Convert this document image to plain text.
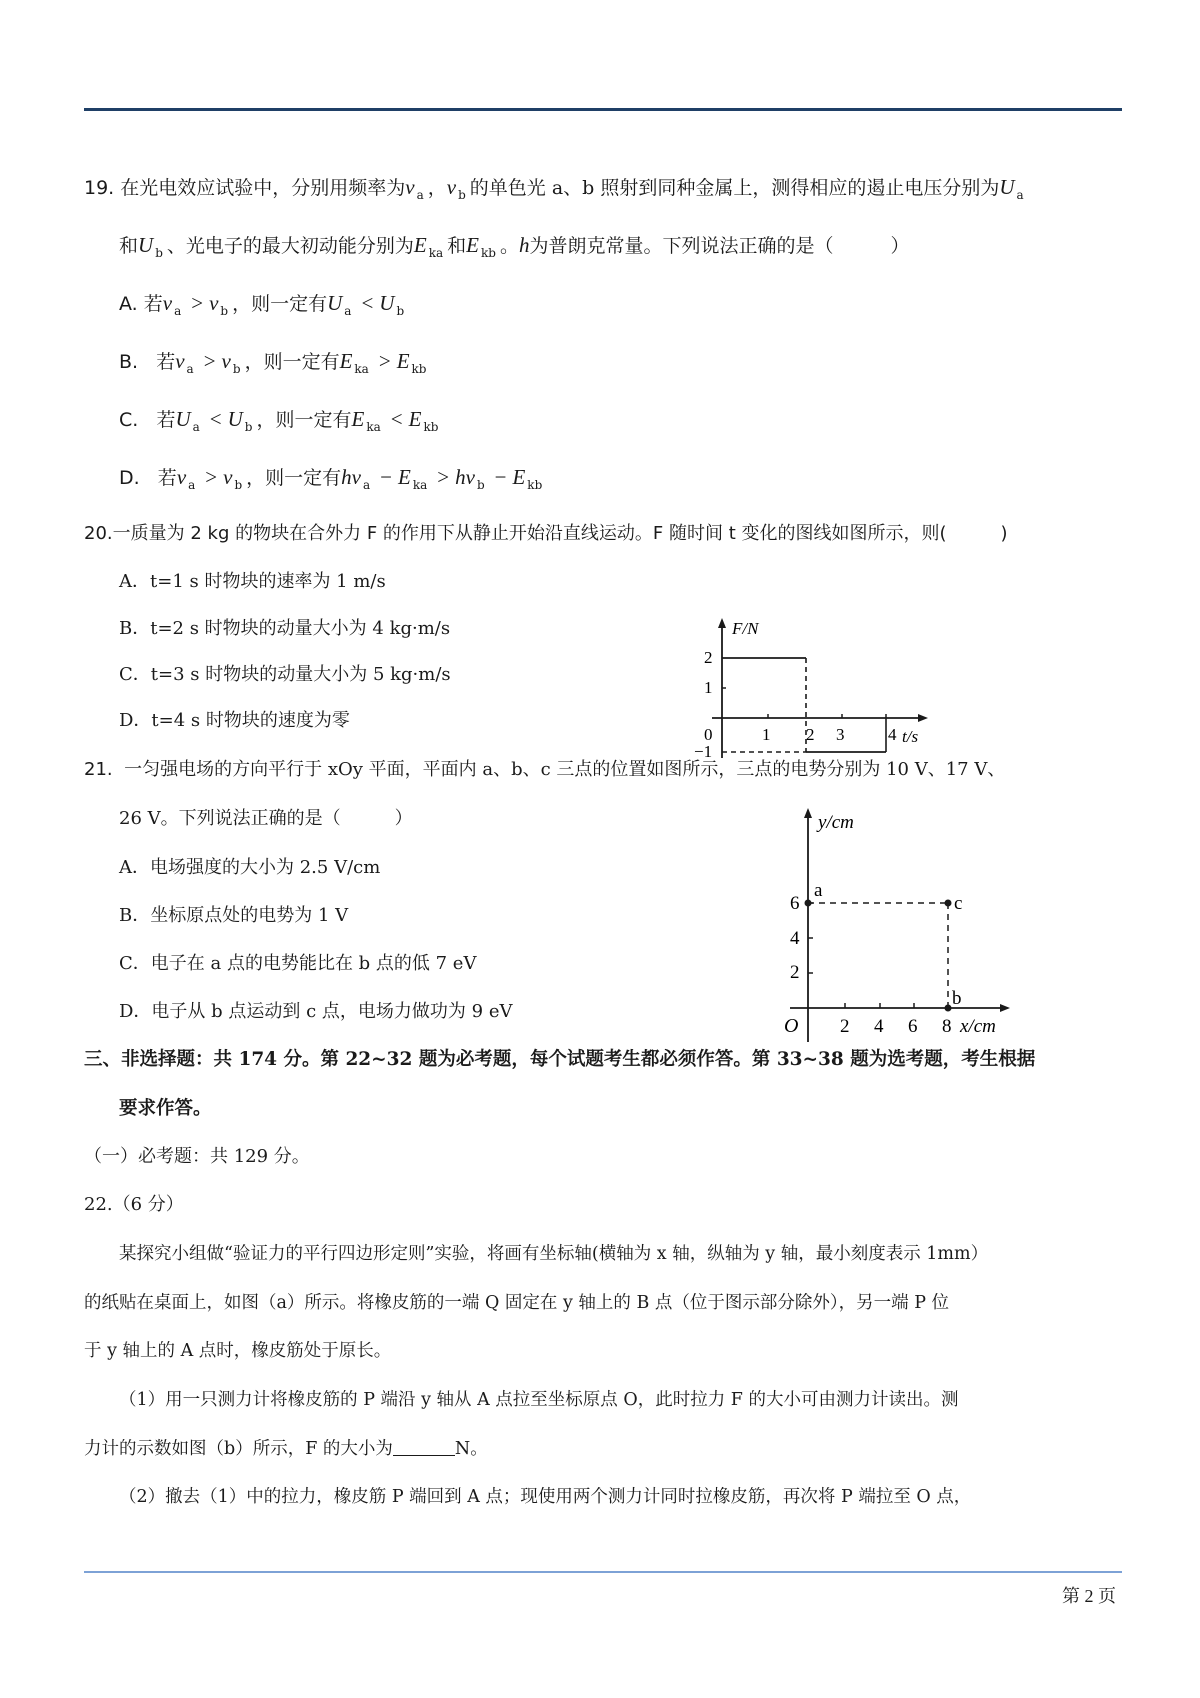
19. 在光电效应试验中，分别用频率为ν $_a$ ，ν $_b$ 的单色光 a、b 照射到同种金属上，测得相应的遏止电压分别为U $_a$
和U $_b$ 、光电子的最大初动能分别为E $_{ka}$ 和E $_{kb}$ 。h为普朗克常量。下列说法正确的是（　　　）
A. 若ν $_a$ > ν $_b$ ，则一定有U $_a$ < U $_b$
B. 若ν $_a$ > ν $_b$ ，则一定有E $_{ka}$ > E $_{kb}$
C. 若U $_a$ < U $_b$ ，则一定有E $_{ka}$ < E $_{kb}$
D. 若ν $_a$ > ν $_b$ ，则一定有hν $_a$ − E $_{ka}$ > hν $_b$ − E $_{kb}$
20.一质量为 2 kg 的物块在合外力 F 的作用下从静止开始沿直线运动。F 随时间 t 变化的图线如图所示，则(　　　)
A．t=1 s 时物块的速率为 1 m/s
B．t=2 s 时物块的动量大小为 4 kg·m/s
C．t=3 s 时物块的动量大小为 5 kg·m/s
D．t=4 s 时物块的速度为零
F/N
t/s
2
1
0
−1
1 2 3	4
21. 一匀强电场的方向平行于 xOy 平面，平面内 a、b、c 三点的位置如图所示，三点的电势分别为 10 V、17 V、
26 V。下列说法正确的是（　　　）
A．电场强度的大小为 2.5 V/cm
B．坐标原点处的电势为 1 V
C．电子在 a 点的电势能比在 b 点的低 7 eV
D．电子从 b 点运动到 c 点，电场力做功为 9 eV
y/cm
x/cm
O
6
4
2
2 4 6 8
a
b
c
三、非选择题：共 174 分。第 22~32 题为必考题，每个试题考生都必须作答。第 33~38 题为选考题，考生根据
要求作答。
（一）必考题：共 129 分。
22.（6 分）
某探究小组做“验证力的平行四边形定则”实验，将画有坐标轴(横轴为 x 轴，纵轴为 y 轴，最小刻度表示 1mm）
的纸贴在桌面上，如图（a）所示。将橡皮筋的一端 Q 固定在 y 轴上的 B 点（位于图示部分除外），另一端 P 位
于 y 轴上的 A 点时，橡皮筋处于原长。
（1）用一只测力计将橡皮筋的 P 端沿 y 轴从 A 点拉至坐标原点 O，此时拉力 F 的大小可由测力计读出。测
力计的示数如图（b）所示，F 的大小为	N。
（2）撤去（1）中的拉力，橡皮筋 P 端回到 A 点；现使用两个测力计同时拉橡皮筋，再次将 P 端拉至 O 点，
第 2 页
